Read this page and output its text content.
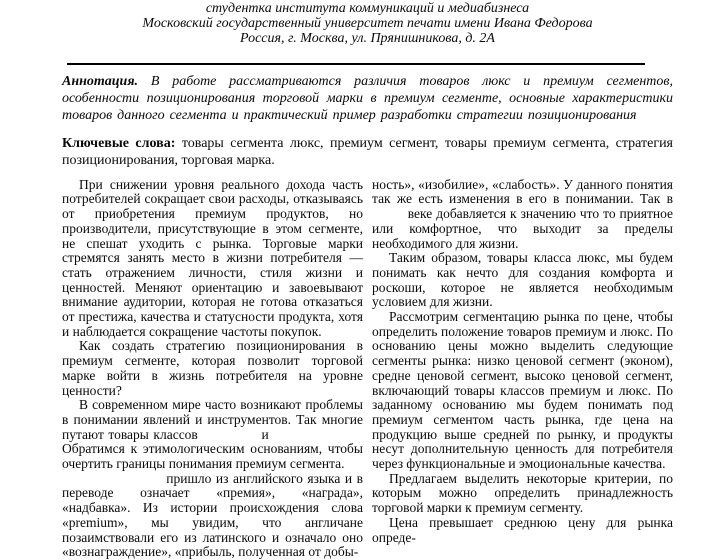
студентка института коммуникаций и медиабизнеса
Московский государственный университет печати имени Ивана Федорова
Россия, г. Москва, ул. Прянишникова, д. 2А

Аннотация. В работе рассматриваются различия товаров люкс и премиум сегментов, особенности позиционирования торговой марки в премиум сегменте, основные характеристики товаров данного сегмента и практический пример разработки стратегии позиционирования

Ключевые слова: товары сегмента люкс, премиум сегмент, товары премиум сегмента, стратегия позиционирования, торговая марка.

При снижении уровня реального дохода часть потребителей сокращает свои расходы, отказываясь от приобретения премиум продуктов, но производители, присутствующие в этом сегменте, не спешат уходить с рынка. Торговые марки стремятся занять место в жизни потребителя — стать отражением личности, стиля жизни и ценностей. Меняют ориентацию и завоевывают внимание аудитории, которая не готова отказаться от престижа, качества и статусности продукта, хотя и наблюдается сокращение частоты покупок.

Как создать стратегию позиционирования в премиум сегменте, которая позволит торговой марке войти в жизнь потребителя на уровне ценности?

В современном мире часто возникают проблемы в понимании явлений и инструментов. Так многие путают товары классов              и                      Обратимся к этимологическим основаниям, чтобы очертить границы понимания премиум сегмента.

пришло из английского языка и в переводе означает «премия», «награда», «надбавка». Из истории происхождения слова «premium», мы увидим, что англичане позаимствовали его из латинского и означало оно «вознаграждение», «прибыль, полученная от добы-

ность», «изобилие», «слабость». У данного понятия так же есть изменения в его в понимании. Так в          веке добавляется к значению что то приятное или комфортное, что выходит за пределы необходимого для жизни.

Таким образом, товары класса люкс, мы будем понимать как нечто для создания комфорта и роскоши, которое не является необходимым условием для жизни.

Рассмотрим сегментацию рынка по цене, чтобы определить положение товаров премиум и люкс. По основанию цены можно выделить следующие сегменты рынка: низко ценовой сегмент (эконом), средне ценовой сегмент, высоко ценовой сегмент, включающий товары классов премиум и люкс. По заданному основанию мы будем понимать под премиум сегментом часть рынка, где цена на продукцию выше средней по рынку, и продукты несут дополнительную ценность для потребителя через функциональные и эмоциональные качества.

Предлагаем выделить некоторые критерии, по которым можно определить принадлежность торговой марки к премиум сегменту.

Цена превышает среднюю цену для рынка опреде-
